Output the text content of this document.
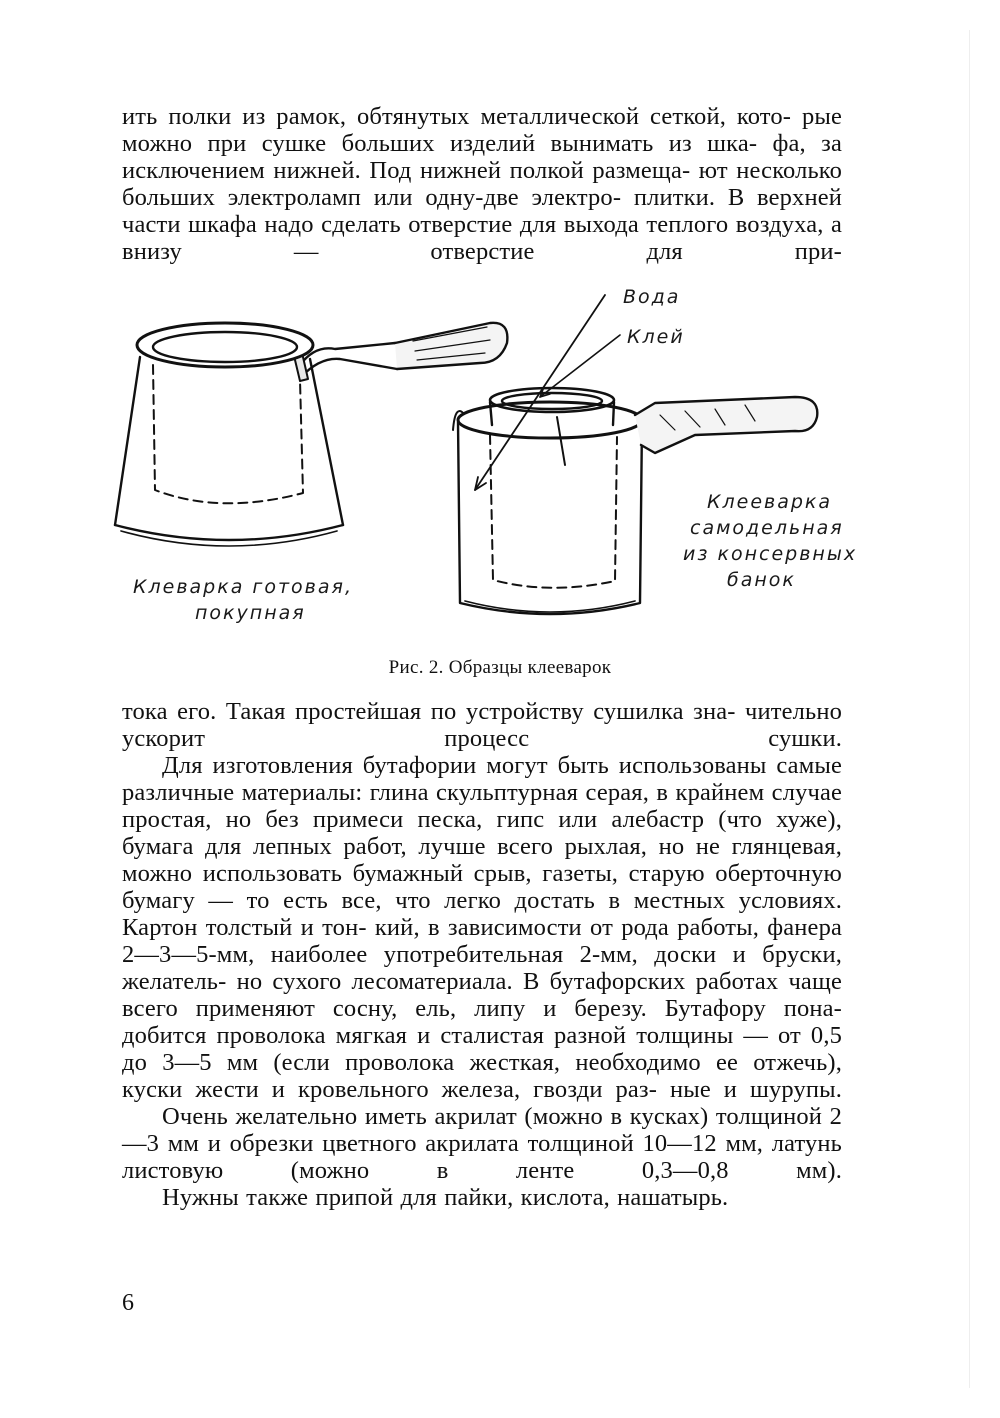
ить полки из рамок, обтянутых металлической сеткой, кото- рые можно при сушке больших изделий вынимать из шка- фа, за исключением нижней. Под нижней полкой размеща- ют несколько больших электроламп или одну-две электро- плитки. В верхней части шкафа надо сделать отверстие для выхода теплого воздуха, а внизу — отверстие для при-

Вода
Клей
Клеварка готовая,
покупная
Клееварка
самодельная
из консервных
банок
Рис. 2. Образцы клееварок

тока его. Такая простейшая по устройству сушилка зна- чительно ускорит процесс сушки.

Для изготовления бутафории могут быть использованы самые различные материалы: глина скульптурная серая, в крайнем случае простая, но без примеси песка, гипс или алебастр (что хуже), бумага для лепных работ, лучше всего рыхлая, но не глянцевая, можно использовать бумажный срыв, газеты, старую оберточную бумагу — то есть все, что легко достать в местных условиях. Картон толстый и тон- кий, в зависимости от рода работы, фанера 2—3—5-мм, наиболее употребительная 2-мм, доски и бруски, желатель- но сухого лесоматериала. В бутафорских работах чаще всего применяют сосну, ель, липу и березу. Бутафору пона- добится проволока мягкая и сталистая разной толщины — от 0,5 до 3—5 мм (если проволока жесткая, необходимо ее отжечь), куски жести и кровельного железа, гвозди раз- ные и шурупы.

Очень желательно иметь акрилат (можно в кусках) толщиной 2—3 мм и обрезки цветного акрилата толщиной 10—12 мм, латунь листовую (можно в ленте 0,3—0,8 мм).

Нужны также припой для пайки, кислота, нашатырь.

6
